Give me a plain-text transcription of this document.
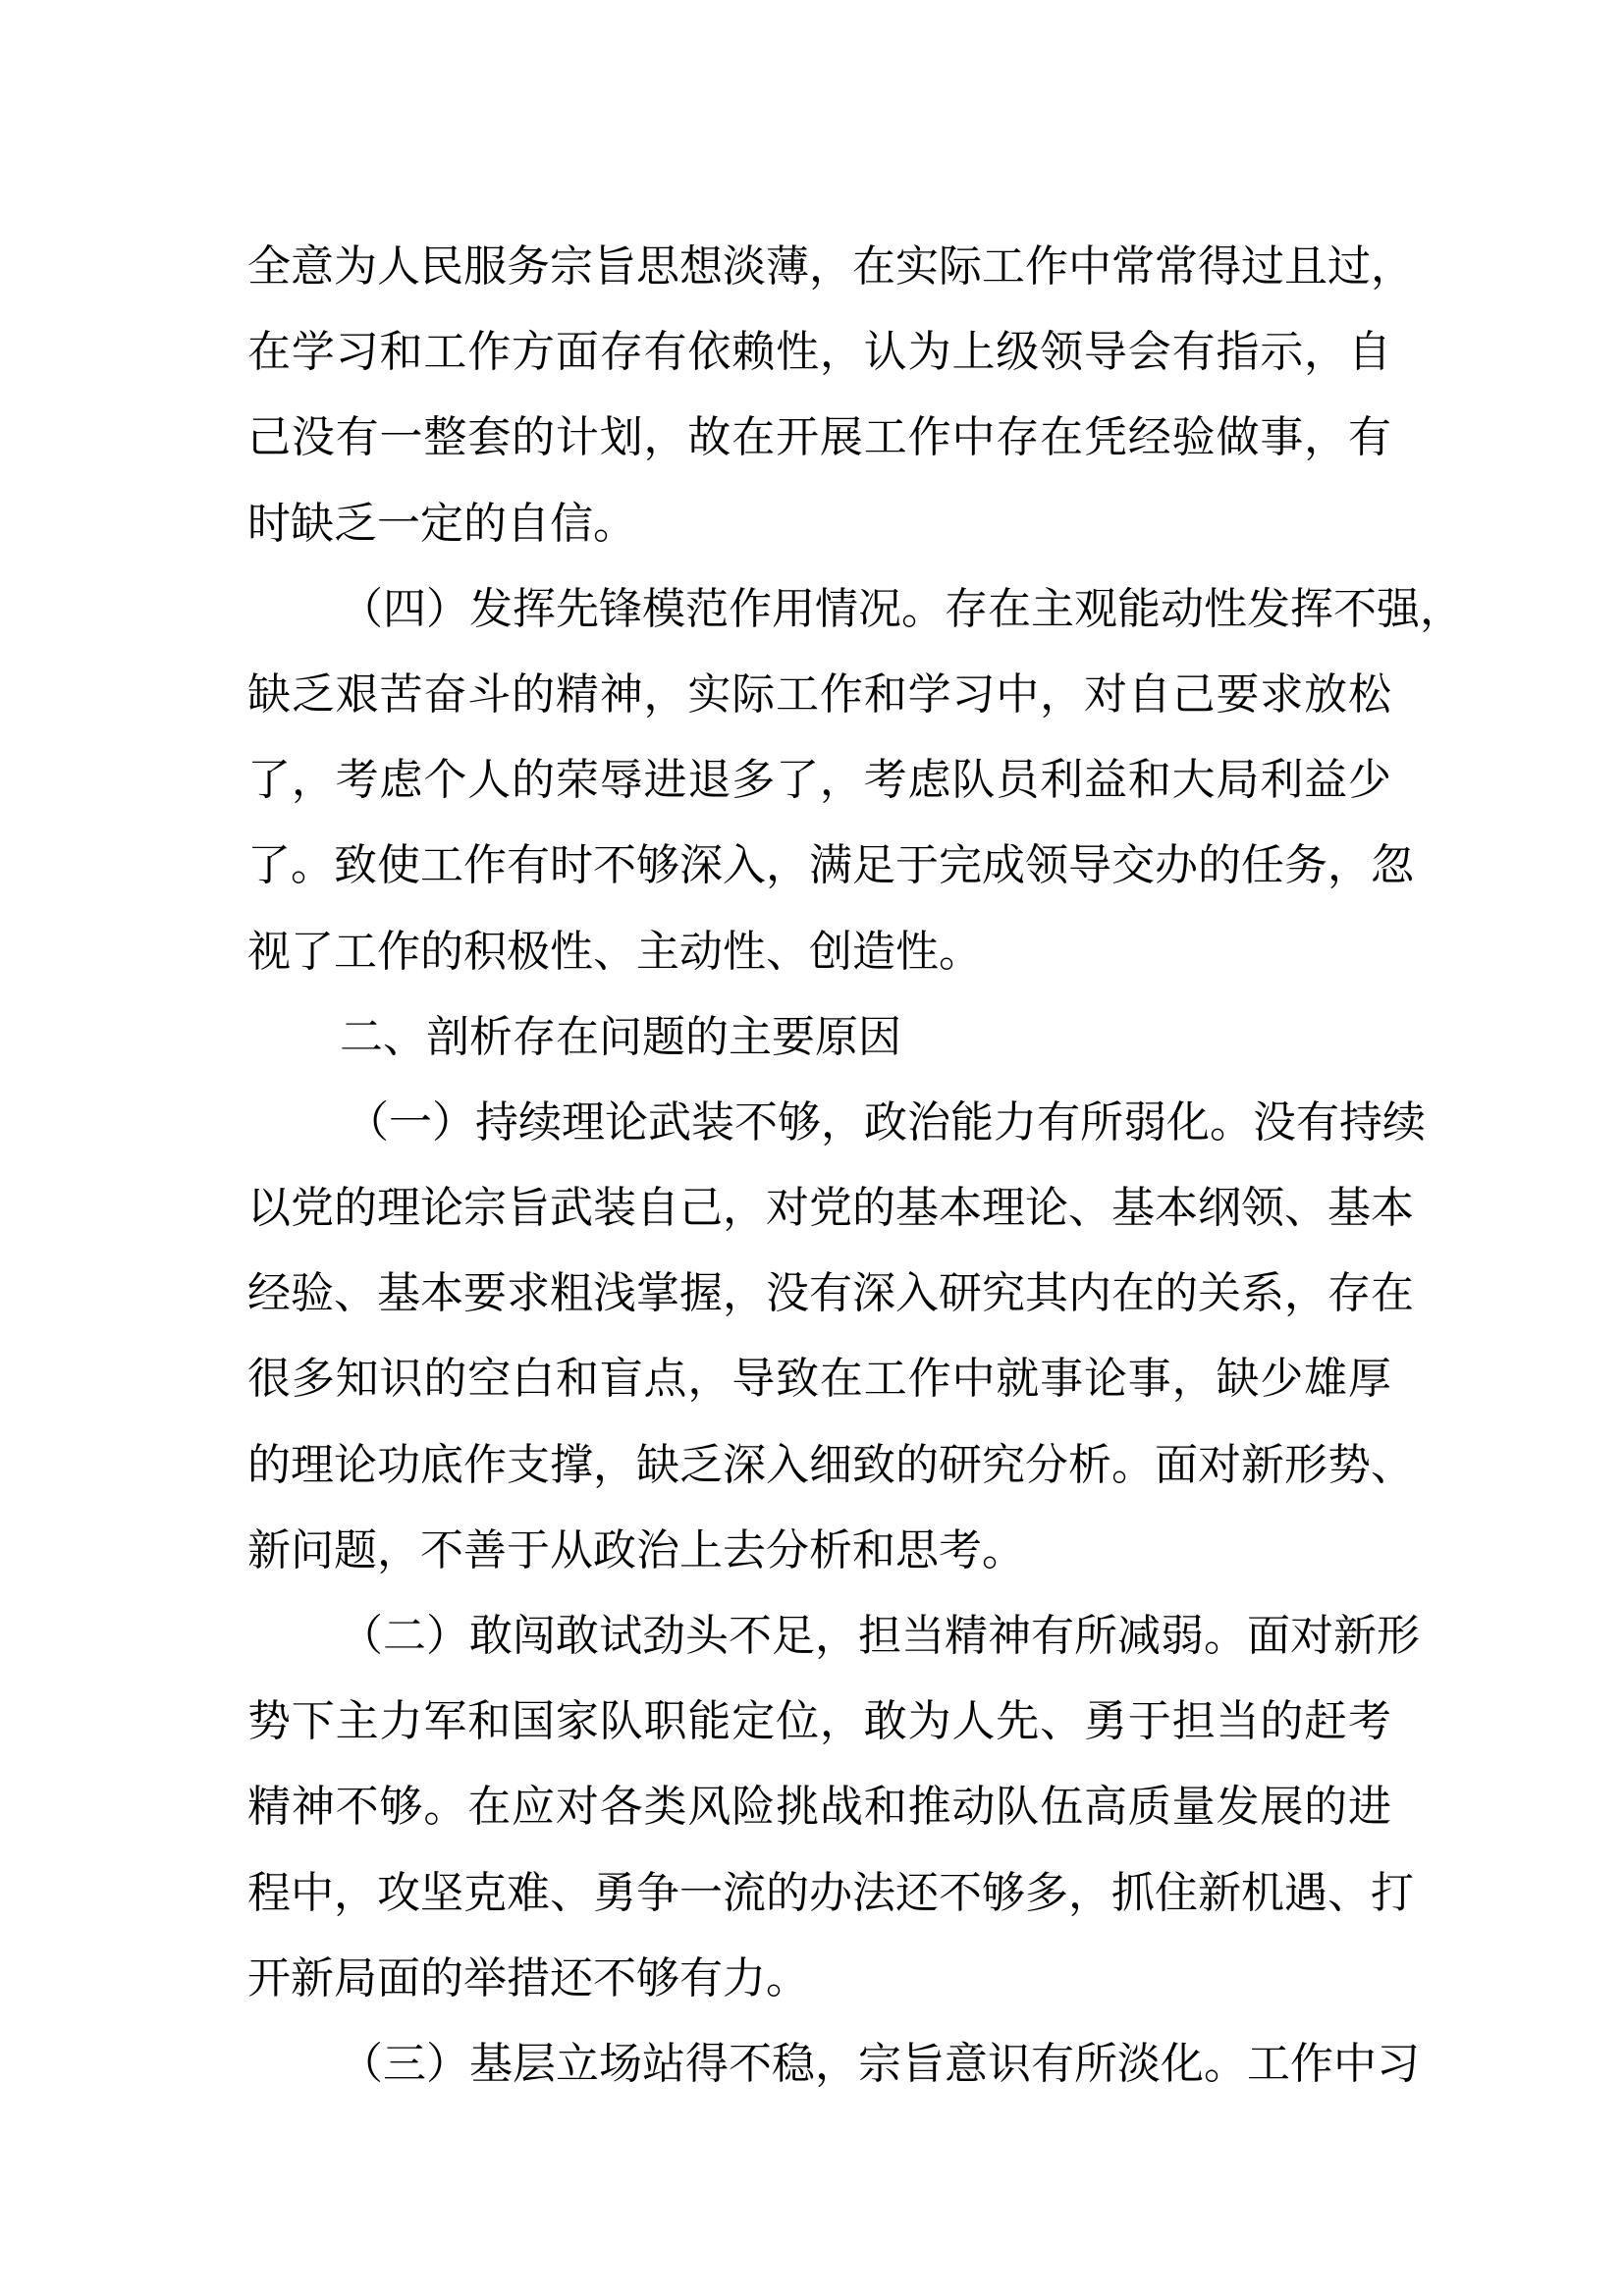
全意为人民服务宗旨思想淡薄，在实际工作中常常得过且过，
在学习和工作方面存有依赖性，认为上级领导会有指示，自
己没有一整套的计划，故在开展工作中存在凭经验做事，有
时缺乏一定的自信。
（四）发挥先锋模范作用情况。存在主观能动性发挥不强，
缺乏艰苦奋斗的精神，实际工作和学习中，对自己要求放松
了，考虑个人的荣辱进退多了，考虑队员利益和大局利益少
了。致使工作有时不够深入，满足于完成领导交办的任务，忽
视了工作的积极性、主动性、创造性。
二、剖析存在问题的主要原因
（一）持续理论武装不够，政治能力有所弱化。没有持续
以党的理论宗旨武装自己，对党的基本理论、基本纲领、基本
经验、基本要求粗浅掌握，没有深入研究其内在的关系，存在
很多知识的空白和盲点，导致在工作中就事论事，缺少雄厚
的理论功底作支撑，缺乏深入细致的研究分析。面对新形势、
新问题，不善于从政治上去分析和思考。
（二）敢闯敢试劲头不足，担当精神有所减弱。面对新形
势下主力军和国家队职能定位，敢为人先、勇于担当的赶考
精神不够。在应对各类风险挑战和推动队伍高质量发展的进
程中，攻坚克难、勇争一流的办法还不够多，抓住新机遇、打
开新局面的举措还不够有力。
（三）基层立场站得不稳，宗旨意识有所淡化。工作中习
